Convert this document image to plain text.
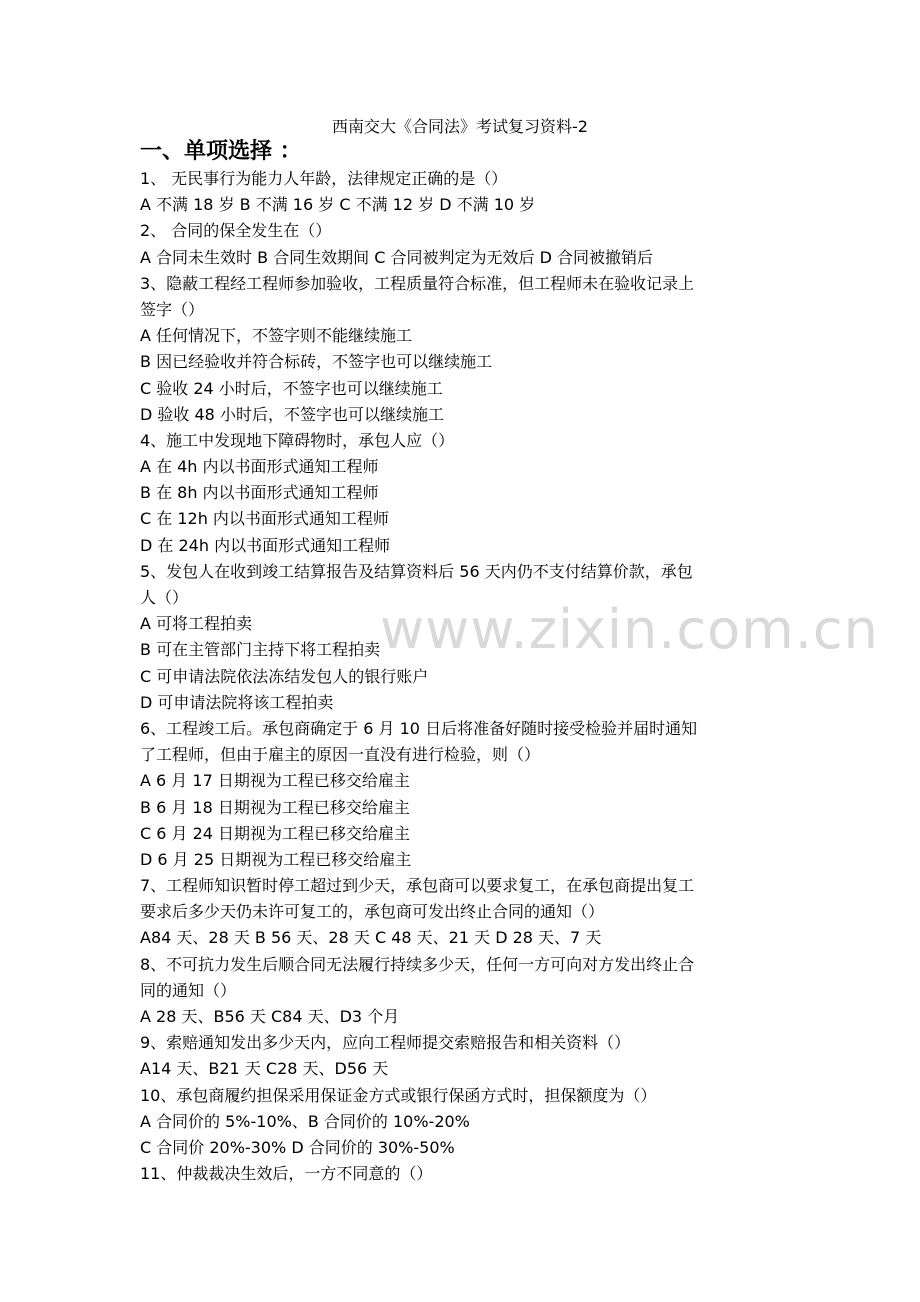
www.zixin.com.cn
西南交大《合同法》考试复习资料-2
一、单项选择 ：
1、 无民事行为能力人年龄，法律规定正确的是（）
A 不满 18 岁 B 不满 16 岁 C 不满 12 岁 D 不满 10 岁
2、 合同的保全发生在（）
A 合同未生效时 B 合同生效期间 C 合同被判定为无效后 D 合同被撤销后
3、隐蔽工程经工程师参加验收，工程质量符合标准，但工程师未在验收记录上
签字（）
A 任何情况下，不签字则不能继续施工
B 因已经验收并符合标砖，不签字也可以继续施工
C 验收 24 小时后，不签字也可以继续施工
D 验收 48 小时后，不签字也可以继续施工
4、施工中发现地下障碍物时，承包人应（）
A 在 4h 内以书面形式通知工程师
B 在 8h 内以书面形式通知工程师
C 在 12h 内以书面形式通知工程师
D 在 24h 内以书面形式通知工程师
5、发包人在收到竣工结算报告及结算资料后 56 天内仍不支付结算价款，承包
人（）
A 可将工程拍卖
B 可在主管部门主持下将工程拍卖
C 可申请法院依法冻结发包人的银行账户
D 可申请法院将该工程拍卖
6、工程竣工后。承包商确定于 6 月 10 日后将准备好随时接受检验并届时通知
了工程师，但由于雇主的原因一直没有进行检验，则（）
A 6 月 17 日期视为工程已移交给雇主
B 6 月 18 日期视为工程已移交给雇主
C 6 月 24 日期视为工程已移交给雇主
D 6 月 25 日期视为工程已移交给雇主
7、工程师知识暂时停工超过到少天，承包商可以要求复工，在承包商提出复工
要求后多少天仍未许可复工的，承包商可发出终止合同的通知（）
A84 天、28 天 B 56 天、28 天 C 48 天、21 天 D 28 天、7 天
8、不可抗力发生后顺合同无法履行持续多少天，任何一方可向对方发出终止合
同的通知（）
A 28 天、B56 天 C84 天、D3 个月
9、索赔通知发出多少天内，应向工程师提交索赔报告和相关资料（）
A14 天、B21 天 C28 天、D56 天
10、承包商履约担保采用保证金方式或银行保函方式时，担保额度为（）
A 合同价的 5%-10%、B 合同价的 10%-20%
C 合同价 20%-30% D 合同价的 30%-50%
11、仲裁裁决生效后，一方不同意的（）
